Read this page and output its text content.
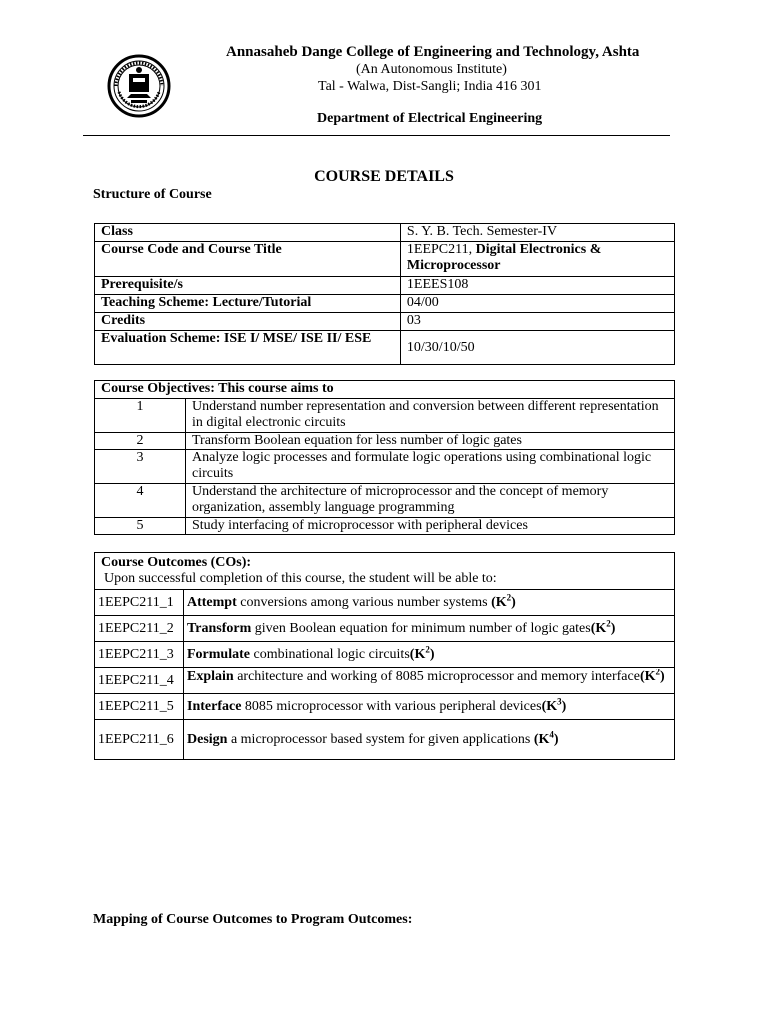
Annasaheb Dange College of Engineering and Technology, Ashta
(An Autonomous Institute)
Tal - Walwa, Dist-Sangli; India 416 301
Department of Electrical Engineering
COURSE DETAILS
Structure of Course
Class	S. Y. B. Tech. Semester-IV
Course Code and Course Title	1EEPC211, Digital Electronics & Microprocessor
Prerequisite/s	1EEES108
Teaching Scheme: Lecture/Tutorial	04/00
Credits	03
Evaluation Scheme: ISE I/ MSE/ ISE II/ ESE	10/30/10/50
Course Objectives: This course aims to	
1	Understand number representation and conversion between different representation in digital electronic circuits
2	Transform Boolean equation for less number of logic gates
3	Analyze logic processes and formulate logic operations using combinational logic circuits
4	Understand the architecture of microprocessor and the concept of memory organization, assembly language programming
5	Study interfacing of microprocessor with peripheral devices
Course Outcomes (COs):
Upon successful completion of this course, the student will be able to:	

1EEPC211_1	Attempt conversions among various number systems $(K^2)$
1EEPC211_2	Transform given Boolean equation for minimum number of logic $gates(K^2)$
1EEPC211_3	Formulate combinational logic $circuits(K^2)$
1EEPC211_4	Explain architecture and working of 8085 microprocessor and memory $interface(K^2)$

1EEPC211_5	Interface 8085 microprocessor with various peripheral $devices(K^3)$
1EEPC211_6	Design a microprocessor based system for given applications $(K^4)$
Mapping of Course Outcomes to Program Outcomes:
